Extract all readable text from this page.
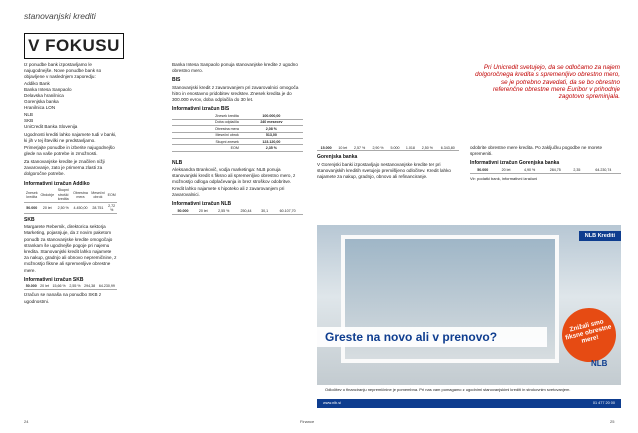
stanovanjski krediti
V FOKUSU
Iz ponudbe bank izpostavljamo le najugodnejše. Nove ponudbe bank so objavljene v naslednjem zaporedju:
Addiko Bank
Banka Intesa Sanpaolo
Delavska hranilnica
Gorenjska banka
Hranilnica LON
NLB
SKB
UniCredit Banka Slovenija
Ugodnosti krediti lahko najamete tudi v banki, ki jih v tej številki ne predstavljamo. Primerjajte ponudbe in izberite najugodnejšo glede na vaše potrebe in zmožnosti.
Za stanovanjske kredite je značilen nižji zavarovanje, zato je primerna zlasti za dolgoročne potrebe.
Informativni izračun Addiko
Znesek kredita	Obdobje	Skupni stroški kredita	Obrestna mera	Mesečni obrok	EOM
50.000	20 let	2,50 %	4.450,00	28.751	2,72 %
SKB
Margarete Rebernik, direktorica sektorja Marketing, pojasnjuje, da z novim paketom ponudb za stanovanjske kredite omogočajo strankam še ugodnejše pogoje pri najemu kredita. Stanovanjski kredit lahko najamete za nakup, gradnjo ali obnovo nepremičnine, z možnostjo fiksne ali spremenljive obrestne mere.
Informativni izračun SKB
50.000	20 let	15,66 %	2,55 %	294,38	64.230,99
Izračun se nanaša na ponudbo SKB z ugodnostmi.
Banka Intesa Sanpaolo ponuja stanovanjske kredite z ugodno obrestno mero.
BIS
Stanovanjski kredit z zavarovanjem pri zavarovalnici omogoča hitro in enostavno pridobitev sredstev. Znesek kredita je do 300.000 evrov, doba odplačila do 30 let.
Informativni izračun BIS
Znesek kredita	100.000,00
Doba odplačila	240 mesecev
Obrestna mera	2,08 %
Mesečni obrok	513,00
Skupni znesek	123.120,00
EOM	2,35 %
NLB
Aleksandra Brankovič, vodja marketinga: NLB ponuja stanovanjski kredit s fiksno ali spremenljivo obrestno mero, z možnostjo odloga odplačevanja in brez stroškov odobritve. Kredit lahko najamete s hipoteko ali z zavarovanjem pri zavarovalnici.
Informativni izračun NLB
50.000	20 let	2,55 %	250,44	30,1	60.107,70
Pri Unicredit svetujejo, da se odločamo za najem dolgoročnega kredita s spremenljivo obrestno mero, se je potrebno zavedati, da se bo obrestno referenčne obrestne mere Euribor v prihodnje zagotovo spreminjala.
15.000	10 let	2,57 %	2,90 %	5.000	1.018	2,50 %	6.343,80
Gorenjska banka
V Gorenjski banki izpostavljajo nestanovanjske kredite ter pri stanovanjskih kreditih svetujejo premišljeno odločitev. Kredit lahko najamete za nakup, gradnjo, obnovo ali refinanciranje.
odobrite obrestne mere kredita. Po zaključku pogodbe ne morete spremeniti.
Informativni izračun Gorenjska banka
50.000	20 let	4,90 %	284,75	2,35	64.230,74
Vir: podatki bank, informativni izračuni
NLB Krediti
Greste na novo ali v prenovo?
Znižali smo fiksne obrestne mere!
Odločitev o financiranju nepremičnine je pomembna. Pri nas vam pomagamo z ugodnimi stanovanjskimi krediti in strokovnim svetovanjem.
NLB
www.nlb.si	01 477 20 00
24	Finance	25
